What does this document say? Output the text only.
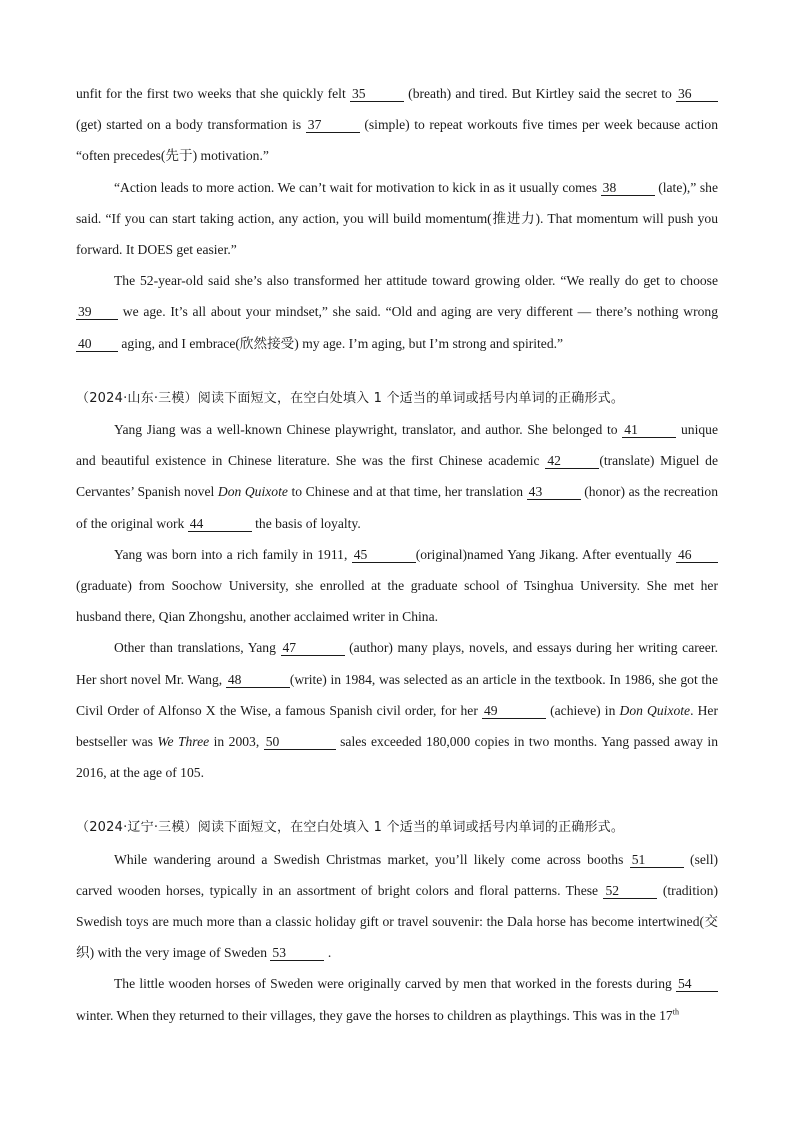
unfit for the first two weeks that she quickly felt 35	(breath) and tired. But Kirtley said the secret to 36 (get) started on a body transformation is 37	(simple) to repeat workouts five times per week because action “often precedes(先于) motivation.”

“Action leads to more action. We can’t wait for motivation to kick in as it usually comes 38	(late),” she said. “If you can start taking action, any action, you will build momentum(推进力). That momentum will push you forward. It DOES get easier.”

The 52-year-old said she’s also transformed her attitude toward growing older. “We really do get to choose 39 we age. It’s all about your mindset,” she said. “Old and aging are very different — there’s nothing wrong 40 aging, and I embrace(欣然接受) my age. I’m aging, but I’m strong and spirited.”

（2024·山东·三模）阅读下面短文，在空白处填入 1 个适当的单词或括号内单词的正确形式。

Yang Jiang was a well-known Chinese playwright, translator, and author. She belonged to 41	unique and beautiful existence in Chinese literature. She was the first Chinese academic 42	(translate) Miguel de Cervantes’ Spanish novel Don Quixote to Chinese and at that time, her translation 43	(honor) as the recreation of the original work 44	the basis of loyalty.

Yang was born into a rich family in 1911, 45	(original)named Yang Jikang. After eventually 46 (graduate) from Soochow University, she enrolled at the graduate school of Tsinghua University. She met her husband there, Qian Zhongshu, another acclaimed writer in China.

Other than translations, Yang 47	(author) many plays, novels, and essays during her writing career. Her short novel Mr. Wang, 48	(write) in 1984, was selected as an article in the textbook. In 1986, she got the Civil Order of Alfonso X the Wise, a famous Spanish civil order, for her 49	(achieve) in Don Quixote. Her bestseller was We Three in 2003, 50	sales exceeded 180,000 copies in two months. Yang passed away in 2016, at the age of 105.

（2024·辽宁·三模）阅读下面短文，在空白处填入 1 个适当的单词或括号内单词的正确形式。

While wandering around a Swedish Christmas market, you’ll likely come across booths 51	(sell) carved wooden horses, typically in an assortment of bright colors and floral patterns. These 52	(tradition) Swedish toys are much more than a classic holiday gift or travel souvenir: the Dala horse has become intertwined(交织) with the very image of Sweden 53	.

The little wooden horses of Sweden were originally carved by men that worked in the forests during 54 winter. When they returned to their villages, they gave the horses to children as playthings. This was in the 17th
